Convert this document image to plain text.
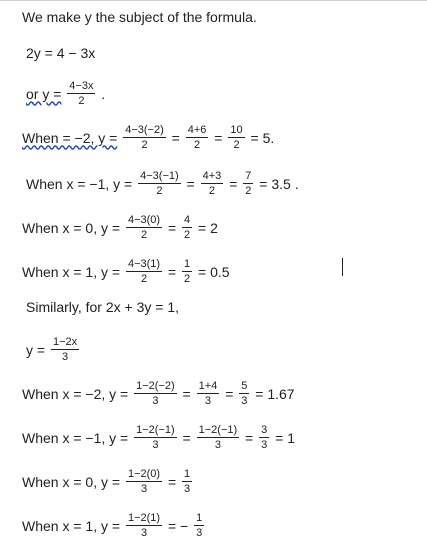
We make y the subject of the formula.
2y = 4 − 3x
or $y = \frac{4-3x}{2}$ .
When = −2, $y = \frac{4-3(-2)}{2} = \frac{4+6}{2} = \frac{10}{2} = 5$.
When x = −1, $y = \frac{4-3(-1)}{2} = \frac{4+3}{2} = \frac{7}{2} = 3.5$ .
When x = 0, $y = \frac{4-3(0)}{2} = \frac{4}{2} = 2$
When x = 1, $y = \frac{4-3(1)}{2} = \frac{1}{2} = 0.5$
Similarly, for 2x + 3y = 1,
$y = \frac{1-2x}{3}$
When x = −2, $y = \frac{1-2(-2)}{3} = \frac{1+4}{3} = \frac{5}{3} = 1.67$
When x = −1, $y = \frac{1-2(-1)}{3} = \frac{1-2(-1)}{3} = \frac{3}{3} = 1$
When x = 0, $y = \frac{1-2(0)}{3} = \frac{1}{3}$
When x = 1, $y = \frac{1-2(1)}{3}$ = − $\frac{1}{3}$
